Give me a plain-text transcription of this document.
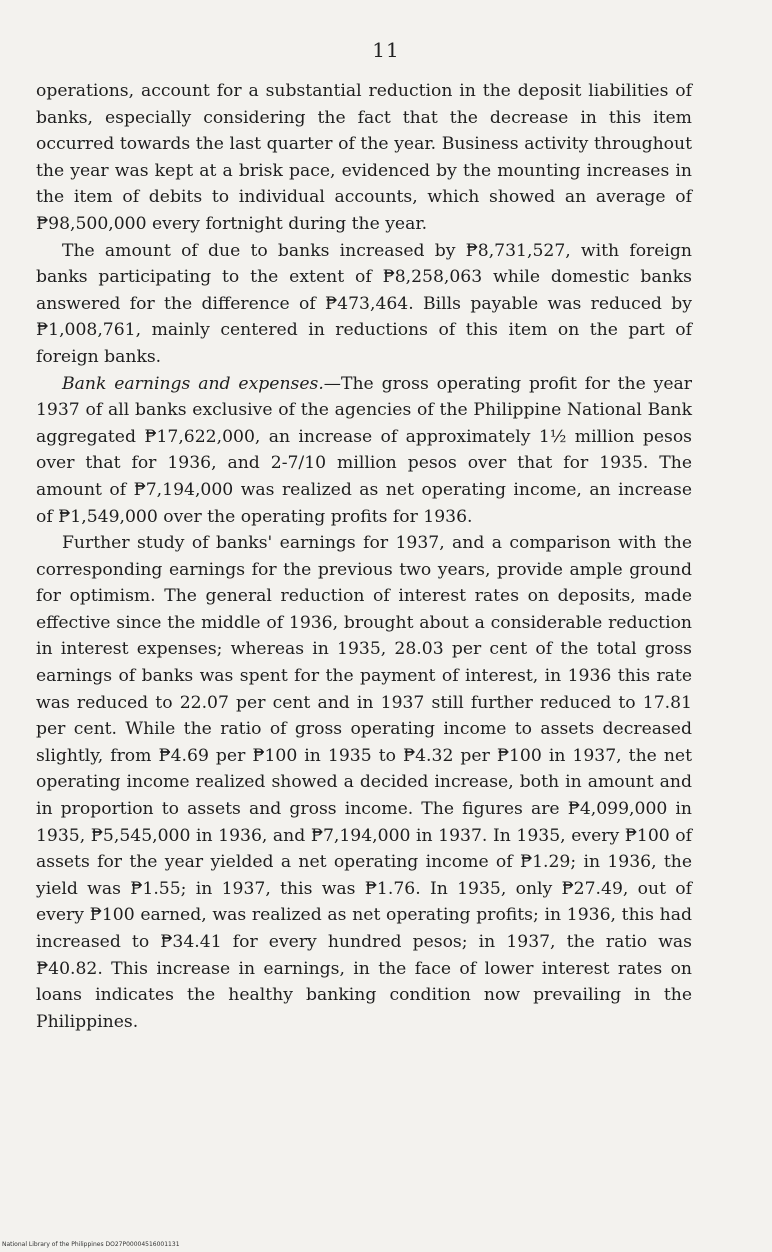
11

operations, account for a substantial reduction in the deposit liabilities of banks, especially considering the fact that the decrease in this item occurred towards the last quarter of the year. Business activity throughout the year was kept at a brisk pace, evidenced by the mounting increases in the item of debits to individual accounts, which showed an average of ₱98,500,000 every fortnight during the year.

The amount of due to banks increased by ₱8,731,527, with foreign banks participating to the extent of ₱8,258,063 while domestic banks answered for the difference of ₱473,464. Bills payable was reduced by ₱1,008,761, mainly centered in reductions of this item on the part of foreign banks.

Bank earnings and expenses.—The gross operating profit for the year 1937 of all banks exclusive of the agencies of the Philippine National Bank aggregated ₱17,622,000, an increase of approximately 1½ million pesos over that for 1936, and 2-7/10 million pesos over that for 1935. The amount of ₱7,194,000 was realized as net operating income, an increase of ₱1,549,000 over the operating profits for 1936.

Further study of banks' earnings for 1937, and a comparison with the corresponding earnings for the previous two years, provide ample ground for optimism. The general reduction of interest rates on deposits, made effective since the middle of 1936, brought about a considerable reduction in interest expenses; whereas in 1935, 28.03 per cent of the total gross earnings of banks was spent for the payment of interest, in 1936 this rate was reduced to 22.07 per cent and in 1937 still further reduced to 17.81 per cent. While the ratio of gross operating income to assets decreased slightly, from ₱4.69 per ₱100 in 1935 to ₱4.32 per ₱100 in 1937, the net operating income realized showed a decided increase, both in amount and in proportion to assets and gross income. The figures are ₱4,099,000 in 1935, ₱5,545,000 in 1936, and ₱7,194,000 in 1937. In 1935, every ₱100 of assets for the year yielded a net operating income of ₱1.29; in 1936, the yield was ₱1.55; in 1937, this was ₱1.76. In 1935, only ₱27.49, out of every ₱100 earned, was realized as net operating profits; in 1936, this had increased to ₱34.41 for every hundred pesos; in 1937, the ratio was ₱40.82. This increase in earnings, in the face of lower interest rates on loans indicates the healthy banking condition now prevailing in the Philippines.

National Library of the Philippines DO27P00004516001131
